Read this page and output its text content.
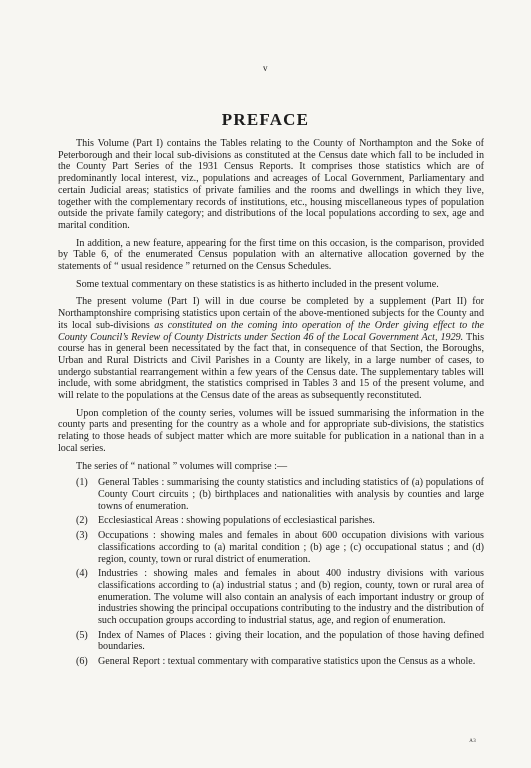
v
PREFACE

This Volume (Part I) contains the Tables relating to the County of Northampton and the Soke of Peterborough and their local sub-divisions as constituted at the Census date which fall to be included in the County Part Series of the 1931 Census Reports. It comprises those statistics which are of predominantly local interest, viz., populations and acreages of Local Government, Parliamentary and certain Judicial areas; statistics of private families and the rooms and dwellings in which they live, together with the complementary records of institutions, etc., housing miscellaneous types of population outside the private family category; and distributions of the local populations according to sex, age and marital condition.

In addition, a new feature, appearing for the first time on this occasion, is the comparison, provided by Table 6, of the enumerated Census population with an alternative allocation governed by the statements of “ usual residence ” returned on the Census Schedules.

Some textual commentary on these statistics is as hitherto included in the present volume.

The present volume (Part I) will in due course be completed by a supplement (Part II) for Northamptonshire comprising statistics upon certain of the above-mentioned subjects for the County and its local sub-divisions as constituted on the coming into operation of the Order giving effect to the County Council’s Review of County Districts under Section 46 of the Local Government Act, 1929. This course has in general been necessitated by the fact that, in consequence of that Section, the Boroughs, Urban and Rural Districts and Civil Parishes in a County are likely, in a large number of cases, to undergo substantial rearrangement within a few years of the Census date. The supplementary tables will include, with some abridgment, the statistics comprised in Tables 3 and 15 of the present volume, and will relate to the populations at the Census date of the areas as subsequently reconstituted.

Upon completion of the county series, volumes will be issued summarising the information in the county parts and presenting for the country as a whole and for appropriate sub-divisions, the statistics relating to those heads of subject matter which are more suitable for publication in a national than in a local series.

The series of “ national ” volumes will comprise :—
(1)	General Tables : summarising the county statistics and including statistics of (a) populations of County Court circuits ; (b) birthplaces and nationalities with analysis by counties and large towns of enumeration.
(2)	Ecclesiastical Areas : showing populations of ecclesiastical parishes.
(3)	Occupations : showing males and females in about 600 occupation divisions with various classifications according to (a) marital condition ; (b) age ; (c) occupational status ; and (d) region, county, town or rural district of enumeration.
(4)	Industries : showing males and females in about 400 industry divisions with various classifications according to (a) industrial status ; and (b) region, county, town or rural area of enumeration. The volume will also contain an analysis of each important industry or group of industries showing the principal occupations contributing to the industry and the distribution of such occupation groups according to industrial status, age, and region of enumeration.
(5)	Index of Names of Places : giving their location, and the population of those having defined boundaries.
(6)	General Report : textual commentary with comparative statistics upon the Census as a whole.
A3
